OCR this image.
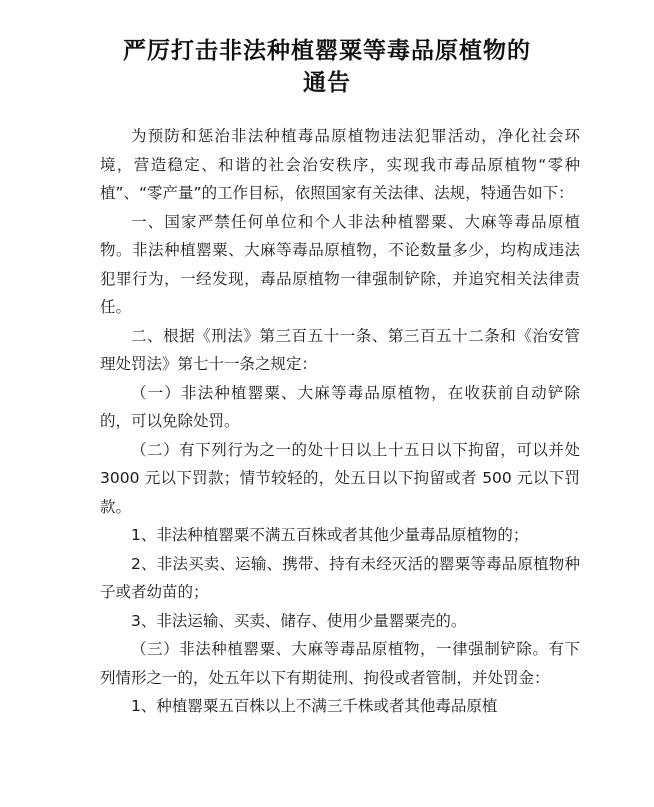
严厉打击非法种植罂粟等毒品原植物的
通告

为预防和惩治非法种植毒品原植物违法犯罪活动，净化社会环境，营造稳定、和谐的社会治安秩序，实现我市毒品原植物“零种植”、“零产量”的工作目标，依照国家有关法律、法规，特通告如下：

一、国家严禁任何单位和个人非法种植罂粟、大麻等毒品原植物。非法种植罂粟、大麻等毒品原植物，不论数量多少，均构成违法犯罪行为，一经发现，毒品原植物一律强制铲除，并追究相关法律责任。

二、根据《刑法》第三百五十一条、第三百五十二条和《治安管理处罚法》第七十一条之规定：

（一）非法种植罂粟、大麻等毒品原植物，在收获前自动铲除的，可以免除处罚。

（二）有下列行为之一的处十日以上十五日以下拘留，可以并处 3000 元以下罚款；情节较轻的，处五日以下拘留或者 500 元以下罚款。

1、非法种植罂粟不满五百株或者其他少量毒品原植物的；

2、非法买卖、运输、携带、持有未经灭活的罂粟等毒品原植物种子或者幼苗的；

3、非法运输、买卖、储存、使用少量罂粟壳的。

（三）非法种植罂粟、大麻等毒品原植物，一律强制铲除。有下列情形之一的，处五年以下有期徒刑、拘役或者管制，并处罚金：

1、种植罂粟五百株以上不满三千株或者其他毒品原植
